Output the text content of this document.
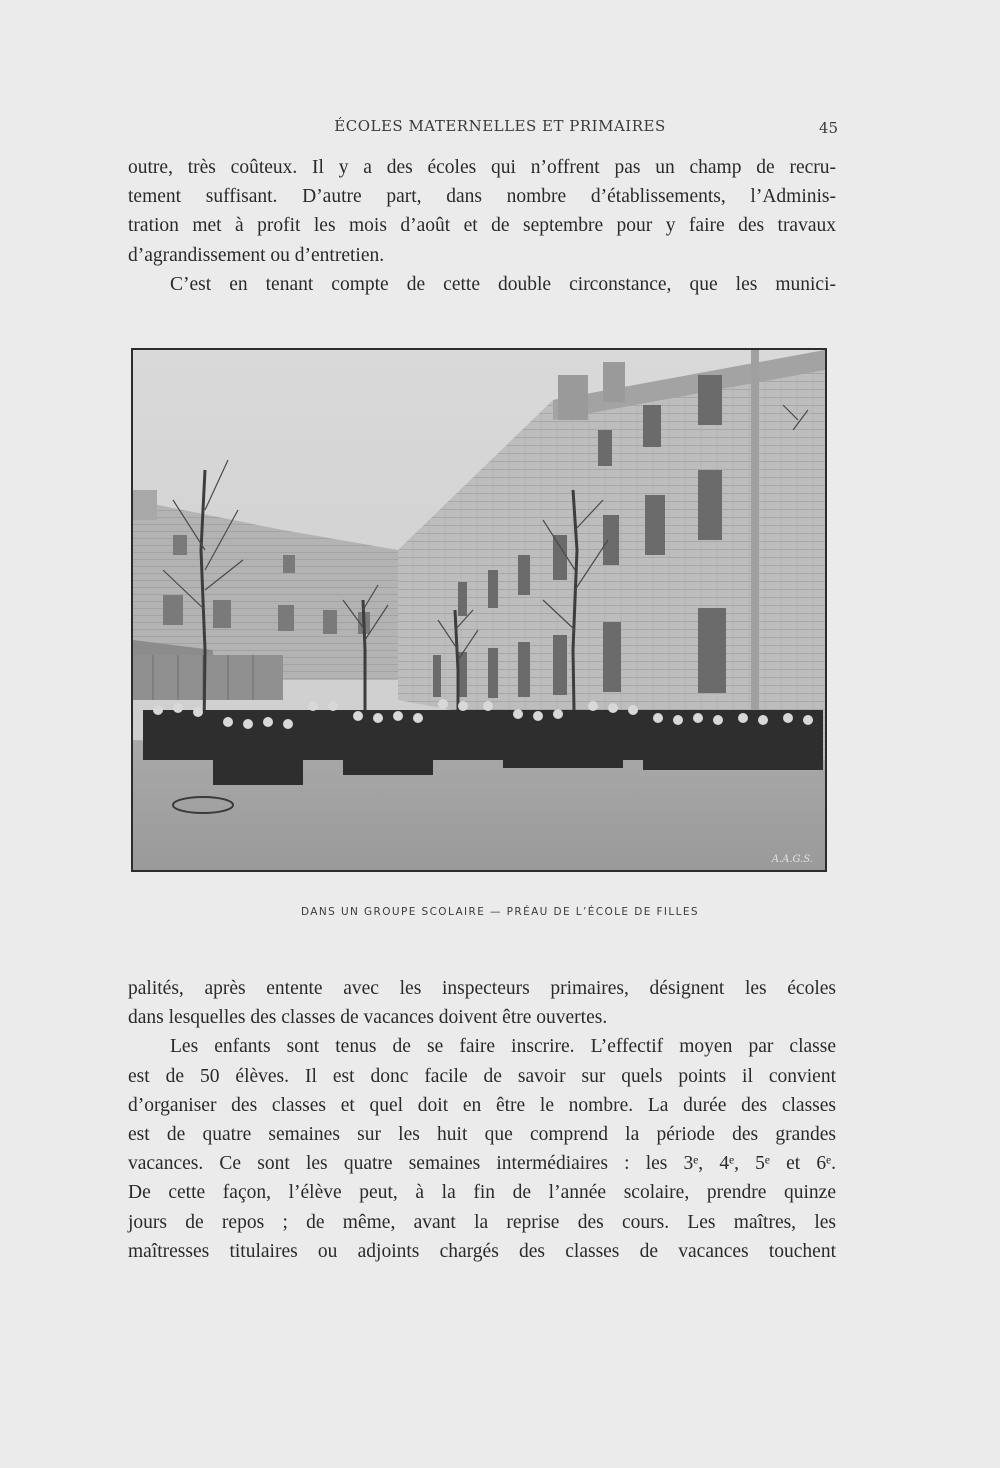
ÉCOLES MATERNELLES ET PRIMAIRES	45
outre, très coûteux. Il y a des écoles qui n’offrent pas un champ de recru-
tement suffisant. D’autre part, dans nombre d’établissements, l’Adminis-
tration met à profit les mois d’août et de septembre pour y faire des travaux
d’agrandissement ou d’entretien.
C’est en tenant compte de cette double circonstance, que les munici-
A.A.G.S.
DANS UN GROUPE SCOLAIRE — PRÉAU DE L’ÉCOLE DE FILLES
palités, après entente avec les inspecteurs primaires, désignent les écoles
dans lesquelles des classes de vacances doivent être ouvertes.
Les enfants sont tenus de se faire inscrire. L’effectif moyen par classe
est de 50 élèves. Il est donc facile de savoir sur quels points il convient
d’organiser des classes et quel doit en être le nombre. La durée des classes
est de quatre semaines sur les huit que comprend la période des grandes
vacances. Ce sont les quatre semaines intermédiaires : les 3ᵉ, 4ᵉ, 5ᵉ et 6ᵉ.
De cette façon, l’élève peut, à la fin de l’année scolaire, prendre quinze
jours de repos ; de même, avant la reprise des cours. Les maîtres, les
maîtresses titulaires ou adjoints chargés des classes de vacances touchent
